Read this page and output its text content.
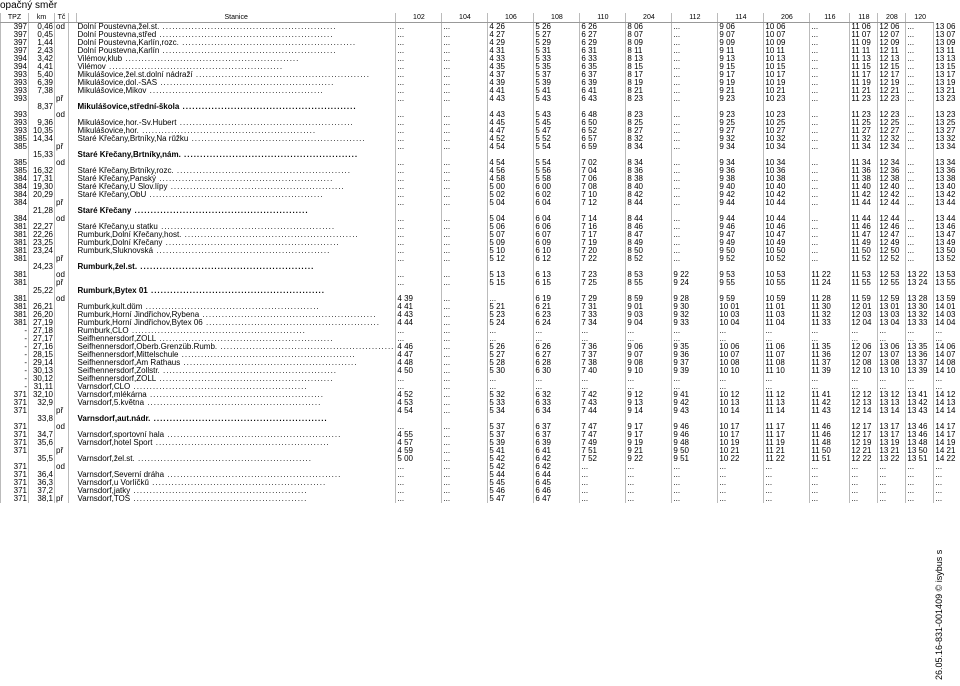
opačný směr
TPZ	km	Tč		Stanice	102	104	106	108	110	204	112	114	206	116	118	208	120	
397	0,46	od		Dolní Poustevna,žel.st. .....	...	...	4 26	5 26	6 26	8 06	...	9 06	10 06	...	11 06	12 06	...	13 06
397	0,45			Dolní Poustevna,střed .....	...	...	4 27	5 27	6 27	8 07	...	9 07	10 07	...	11 07	12 07	...	13 07
397	1,44			Dolní Poustevna,Karlín,rozc. .....	...	...	4 29	5 29	6 29	8 09	...	9 09	10 09	...	11 09	12 09	...	13 09
397	2,43			Dolní Poustevna,Karlín .....	...	...	4 31	5 31	6 31	8 11	...	9 11	10 11	...	11 11	12 11	...	13 11
394	3,42			Vilémov,klub .....	...	...	4 33	5 33	6 33	8 13	...	9 13	10 13	...	11 13	12 13	...	13 13
394	4,41			Vilémov .....	...	...	4 35	5 35	6 35	8 15	...	9 15	10 15	...	11 15	12 15	...	13 15
393	5,40			Mikulášovice,žel.st.dolní nádraží .....	...	...	4 37	5 37	6 37	8 17	...	9 17	10 17	...	11 17	12 17	...	13 17
393	6,39			Mikulášovice,dol.-SAS .....	...	...	4 39	5 39	6 39	8 19	...	9 19	10 19	...	11 19	12 19	...	13 19
393	7,38			Mikulášovice,Mikov .....	...	...	4 41	5 41	6 41	8 21	...	9 21	10 21	...	11 21	12 21	...	13 21
393		př			...	...	4 43	5 43	6 43	8 23	...	9 23	10 23	...	11 23	12 23	...	13 23
	8,37			Mikulášovice,střední-škola .....														
393		od			...	...	4 43	5 43	6 48	8 23	...	9 23	10 23	...	11 23	12 23	...	13 23
393	9,36			Mikulášovice,hor.-Sv.Hubert .....	...	...	4 45	5 45	6 50	8 25	...	9 25	10 25	...	11 25	12 25	...	13 25
393	10,35			Mikulášovice,hor. .....	...	...	4 47	5 47	6 52	8 27	...	9 27	10 27	...	11 27	12 27	...	13 27
385	14,34			Staré Křečany,Brtníky,Na růžku .....	...	...	4 52	5 52	6 57	8 32	...	9 32	10 32	...	11 32	12 32	...	13 32
385		př			...	...	4 54	5 54	6 59	8 34	...	9 34	10 34	...	11 34	12 34	...	13 34
	15,33			Staré Křečany,Brtníky,nám. .....														
385		od			...	...	4 54	5 54	7 02	8 34	...	9 34	10 34	...	11 34	12 34	...	13 34
385	16,32			Staré Křečany,Brtníky,rozc. .....	...	...	4 56	5 56	7 04	8 36	...	9 36	10 36	...	11 36	12 36	...	13 36
384	17,31			Staré Křečany,Panský .....	...	...	4 58	5 58	7 06	8 38	...	9 38	10 38	...	11 38	12 38	...	13 38
384	19,30			Staré Křečany,U Slov.lípy .....	...	...	5 00	6 00	7 08	8 40	...	9 40	10 40	...	11 40	12 40	...	13 40
384	20,29			Staré Křečany,ObÚ .....	...	...	5 02	6 02	7 10	8 42	...	9 42	10 42	...	11 42	12 42	...	13 42
384		př			...	...	5 04	6 04	7 12	8 44	...	9 44	10 44	...	11 44	12 44	...	13 44
	21,28			Staré Křečany .....														
384		od			...	...	5 04	6 04	7 14	8 44	...	9 44	10 44	...	11 44	12 44	...	13 44
381	22,27			Staré Křečany,u statku .....	...	...	5 06	6 06	7 16	8 46	...	9 46	10 46	...	11 46	12 46	...	13 46
381	22,26			Rumburk,Dolní Křečany,host. .....	...	...	5 07	6 07	7 17	8 47	...	9 47	10 47	...	11 47	12 47	...	13 47
381	23,25			Rumburk,Dolní Křečany .....	...	...	5 09	6 09	7 19	8 49	...	9 49	10 49	...	11 49	12 49	...	13 49
381	23,24			Rumburk,Šluknovská .....	...	...	5 10	6 10	7 20	8 50	...	9 50	10 50	...	11 50	12 50	...	13 50
381		př			...	...	5 12	6 12	7 22	8 52	...	9 52	10 52	...	11 52	12 52	...	13 52
	24,23			Rumburk,žel.st. .....														
381		od			...	...	5 13	6 13	7 23	8 53	9 22	9 53	10 53	11 22	11 53	12 53	13 22	13 53
381		př			...	...	5 15	6 15	7 25	8 55	9 24	9 55	10 55	11 24	11 55	12 55	13 24	13 55
	25,22			Rumburk,Bytex 01 .....														
381		od			4 39	...	...	6 19	7 29	8 59	9 28	9 59	10 59	11 28	11 59	12 59	13 28	13 59
381	26,21			Rumburk,kult.dům .....	4 41	...	5 21	6 21	7 31	9 01	9 30	10 01	11 01	11 30	12 01	13 01	13 30	14 01
381	26,20			Rumburk,Horní Jindřichov,Rybena .....	4 43	...	5 23	6 23	7 33	9 03	9 32	10 03	11 03	11 32	12 03	13 03	13 32	14 03
381	27,19			Rumburk,Horní Jindřichov,Bytex 06 .....	4 44	...	5 24	6 24	7 34	9 04	9 33	10 04	11 04	11 33	12 04	13 04	13 33	14 04
-	27,18			Rumburk,CLO .....	...	...	...	...	...	...	...	...	...	...	...	...	...	...
-	27,17			Seifhennersdorf,ZOLL .....	...	...	...	...	...	...	...	...	...	...	...	...	...	...
-	27,16			Seifhennersdorf,Oberb.Grenzüb.Rumb. .....	4 46	...	5 26	6 26	7 36	9 06	9 35	10 06	11 06	11 35	12 06	13 06	13 35	14 06
-	28,15			Seifhennersdorf,Mittelschule .....	4 47	...	5 27	6 27	7 37	9 07	9 36	10 07	11 07	11 36	12 07	13 07	13 36	14 07
-	29,14			Seifhennersdorf,Am Rathaus .....	4 48	...	5 28	6 28	7 38	9 08	9 37	10 08	11 08	11 37	12 08	13 08	13 37	14 08
-	30,13			Seifhennersdorf,Zollstr. .....	4 50	...	5 30	6 30	7 40	9 10	9 39	10 10	11 10	11 39	12 10	13 10	13 39	14 10
-	30,12			Seifhennersdorf,ZOLL .....	...	...	...	...	...	...	...	...	...	...	...	...	...	...
-	31,11			Varnsdorf,CLO .....	...	...	...	...	...	...	...	...	...	...	...	...	...	...
371	32,10			Varnsdorf,mlékárna .....	4 52	...	5 32	6 32	7 42	9 12	9 41	10 12	11 12	11 41	12 12	13 12	13 41	14 12
371	32,9			Varnsdorf,5.května .....	4 53	...	5 33	6 33	7 43	9 13	9 42	10 13	11 13	11 42	12 13	13 13	13 42	14 13
371		př			4 54	...	5 34	6 34	7 44	9 14	9 43	10 14	11 14	11 43	12 14	13 14	13 43	14 14
	33,8			Varnsdorf,aut.nádr. .....														
371		od			...	...	5 37	6 37	7 47	9 17	9 46	10 17	11 17	11 46	12 17	13 17	13 46	14 17
371	34,7			Varnsdorf,sportovní hala .....	4 55	...	5 37	6 37	7 47	9 17	9 46	10 17	11 17	11 46	12 17	13 17	13 46	14 17
371	35,6			Varnsdorf,hotel Sport .....	4 57	...	5 39	6 39	7 49	9 19	9 48	10 19	11 19	11 48	12 19	13 19	13 48	14 19
371		př			4 59	...	5 41	6 41	7 51	9 21	9 50	10 21	11 21	11 50	12 21	13 21	13 50	14 21
	35,5			Varnsdorf,žel.st. .....	5 00	...	5 42	6 42	7 52	9 22	9 51	10 22	11 22	11 51	12 22	13 22	13 51	14 22
371		od			...	...	5 42	6 42	...	...	...	...	...	...	...	...	...	...
371	36,4			Varnsdorf,Severní dráha .....	...	...	5 44	6 44	...	...	...	...	...	...	...	...	...	...
371	36,3			Varnsdorf,u Vorlíčků .....	...	...	5 45	6 45	...	...	...	...	...	...	...	...	...	...
371	37,2			Varnsdorf,jatky .....	...	...	5 46	6 46	...	...	...	...	...	...	...	...	...	...
371	38,1	př		Varnsdorf,TOS .....	...	...	5 47	6 47	...	...	...	...	...	...	...	...	...	...
26.05.16-831-001409 © isybus s
